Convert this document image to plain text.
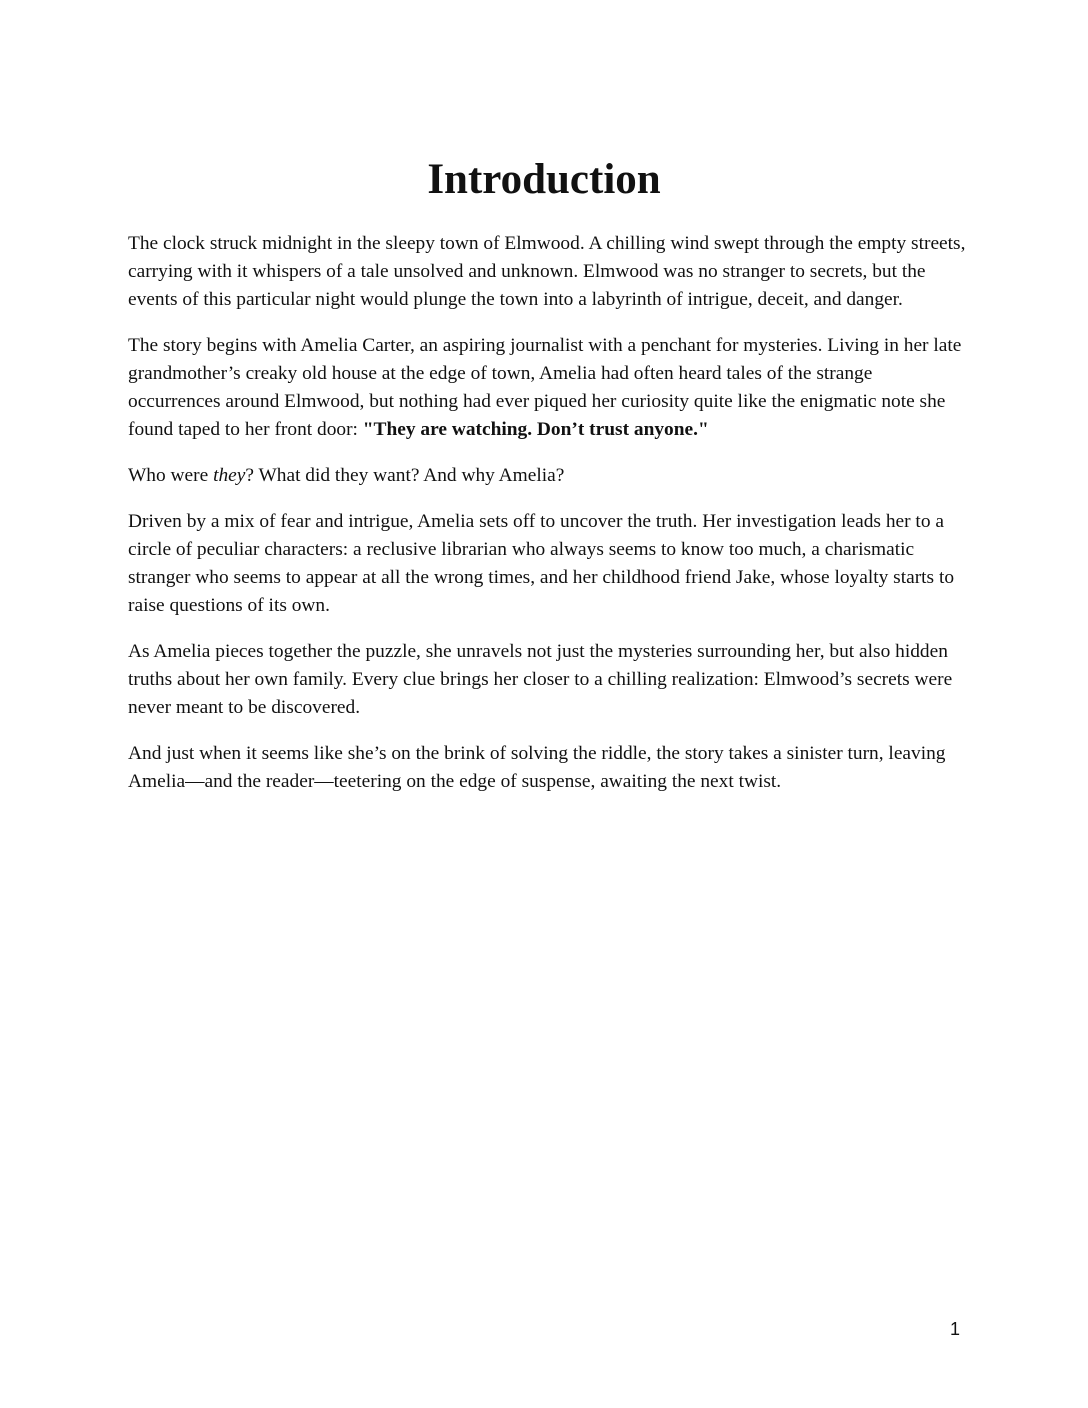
Introduction

The clock struck midnight in the sleepy town of Elmwood. A chilling wind swept through the empty streets, carrying with it whispers of a tale unsolved and unknown. Elmwood was no stranger to secrets, but the events of this particular night would plunge the town into a labyrinth of intrigue, deceit, and danger.

The story begins with Amelia Carter, an aspiring journalist with a penchant for mysteries. Living in her late grandmother’s creaky old house at the edge of town, Amelia had often heard tales of the strange occurrences around Elmwood, but nothing had ever piqued her curiosity quite like the enigmatic note she found taped to her front door: "They are watching. Don’t trust anyone."

Who were they? What did they want? And why Amelia?

Driven by a mix of fear and intrigue, Amelia sets off to uncover the truth. Her investigation leads her to a circle of peculiar characters: a reclusive librarian who always seems to know too much, a charismatic stranger who seems to appear at all the wrong times, and her childhood friend Jake, whose loyalty starts to raise questions of its own.

As Amelia pieces together the puzzle, she unravels not just the mysteries surrounding her, but also hidden truths about her own family. Every clue brings her closer to a chilling realization: Elmwood’s secrets were never meant to be discovered.

And just when it seems like she’s on the brink of solving the riddle, the story takes a sinister turn, leaving Amelia—and the reader—teetering on the edge of suspense, awaiting the next twist.

1
